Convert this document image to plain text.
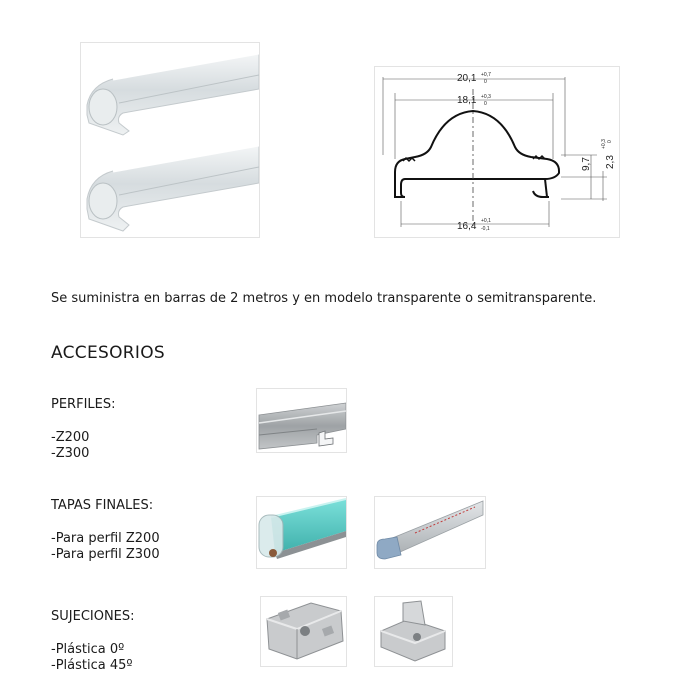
20,1 +0,7
0
18,1 +0,3
0
16,4 +0,1
-0,1
9,7 2,3
+0,3 0
Se suministra en barras de 2 metros y en modelo transparente o semitransparente.
ACCESORIOS
PERFILES:
-Z200
-Z300
TAPAS FINALES:
-Para perfil Z200
-Para perfil Z300
SUJECIONES:
-Plástica 0º
-Plástica 45º
